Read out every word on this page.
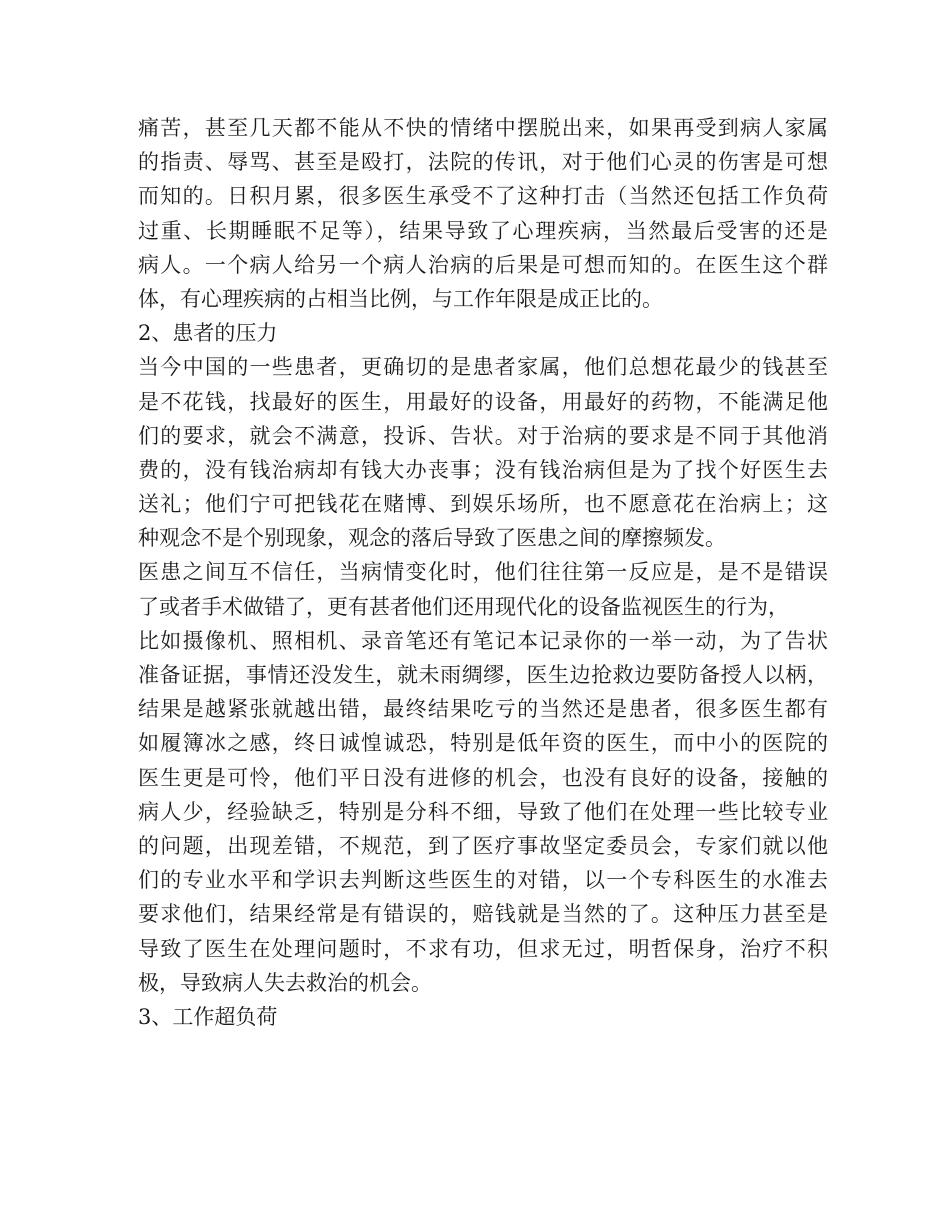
痛苦，甚至几天都不能从不快的情绪中摆脱出来，如果再受到病人家属
的指责、辱骂、甚至是殴打，法院的传讯，对于他们心灵的伤害是可想
而知的。日积月累，很多医生承受不了这种打击（当然还包括工作负荷
过重、长期睡眠不足等），结果导致了心理疾病，当然最后受害的还是
病人。一个病人给另一个病人治病的后果是可想而知的。在医生这个群
体，有心理疾病的占相当比例，与工作年限是成正比的。
2、患者的压力
当今中国的一些患者，更确切的是患者家属，他们总想花最少的钱甚至
是不花钱，找最好的医生，用最好的设备，用最好的药物，不能满足他
们的要求，就会不满意，投诉、告状。对于治病的要求是不同于其他消
费的，没有钱治病却有钱大办丧事；没有钱治病但是为了找个好医生去
送礼；他们宁可把钱花在赌博、到娱乐场所，也不愿意花在治病上；这
种观念不是个别现象，观念的落后导致了医患之间的摩擦频发。
医患之间互不信任，当病情变化时，他们往往第一反应是，是不是错误
了或者手术做错了，更有甚者他们还用现代化的设备监视医生的行为，
比如摄像机、照相机、录音笔还有笔记本记录你的一举一动，为了告状
准备证据，事情还没发生，就未雨绸缪，医生边抢救边要防备授人以柄，
结果是越紧张就越出错，最终结果吃亏的当然还是患者，很多医生都有
如履簿冰之感，终日诚惶诚恐，特别是低年资的医生，而中小的医院的
医生更是可怜，他们平日没有进修的机会，也没有良好的设备，接触的
病人少，经验缺乏，特别是分科不细，导致了他们在处理一些比较专业
的问题，出现差错，不规范，到了医疗事故坚定委员会，专家们就以他
们的专业水平和学识去判断这些医生的对错，以一个专科医生的水准去
要求他们，结果经常是有错误的，赔钱就是当然的了。这种压力甚至是
导致了医生在处理问题时，不求有功，但求无过，明哲保身，治疗不积
极，导致病人失去救治的机会。
3、工作超负荷
